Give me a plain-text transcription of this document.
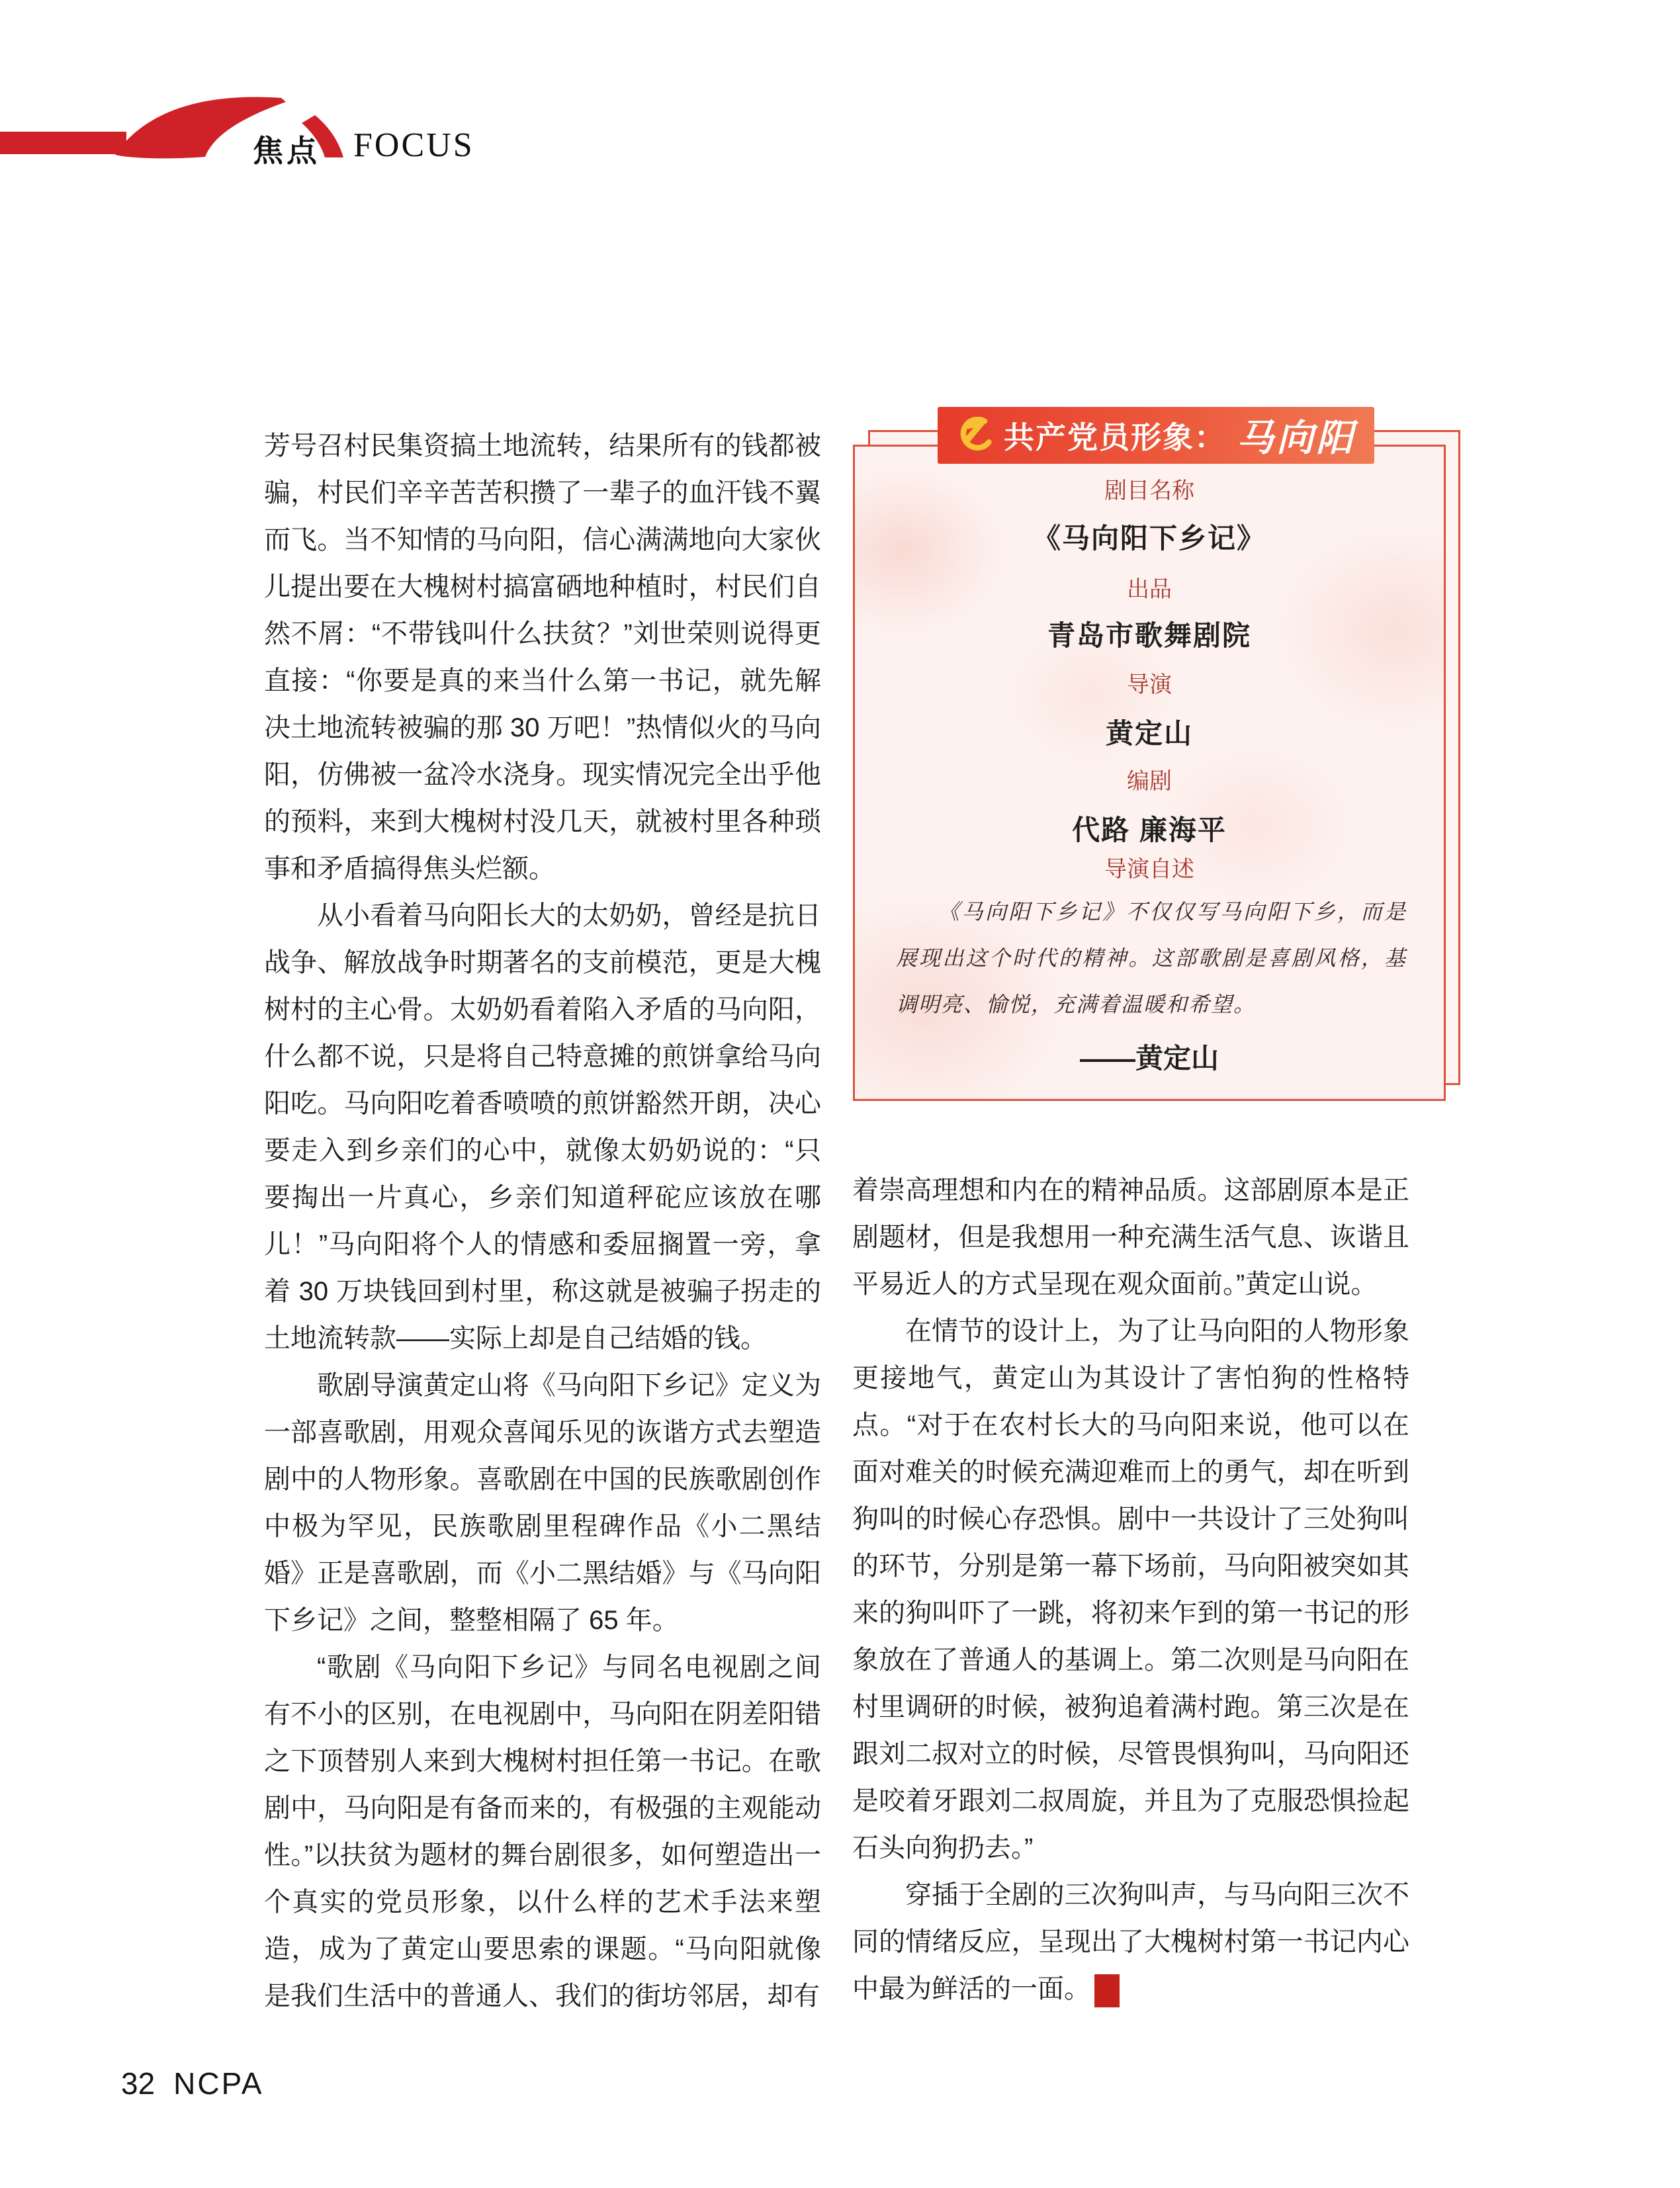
焦点 FOCUS

芳号召村民集资搞土地流转，结果所有的钱都被骗，村民们辛辛苦苦积攒了一辈子的血汗钱不翼而飞。当不知情的马向阳，信心满满地向大家伙儿提出要在大槐树村搞富硒地种植时，村民们自然不屑：“不带钱叫什么扶贫？”刘世荣则说得更直接：“你要是真的来当什么第一书记，就先解决土地流转被骗的那 30 万吧！”热情似火的马向阳，仿佛被一盆冷水浇身。现实情况完全出乎他的预料，来到大槐树村没几天，就被村里各种琐事和矛盾搞得焦头烂额。

从小看着马向阳长大的太奶奶，曾经是抗日战争、解放战争时期著名的支前模范，更是大槐树村的主心骨。太奶奶看着陷入矛盾的马向阳，什么都不说，只是将自己特意摊的煎饼拿给马向阳吃。马向阳吃着香喷喷的煎饼豁然开朗，决心要走入到乡亲们的心中，就像太奶奶说的：“只要掏出一片真心，乡亲们知道秤砣应该放在哪儿！”马向阳将个人的情感和委屈搁置一旁，拿着 30 万块钱回到村里，称这就是被骗子拐走的土地流转款——实际上却是自己结婚的钱。

歌剧导演黄定山将《马向阳下乡记》定义为一部喜歌剧，用观众喜闻乐见的诙谐方式去塑造剧中的人物形象。喜歌剧在中国的民族歌剧创作中极为罕见，民族歌剧里程碑作品《小二黑结婚》正是喜歌剧，而《小二黑结婚》与《马向阳下乡记》之间，整整相隔了 65 年。

“歌剧《马向阳下乡记》与同名电视剧之间有不小的区别，在电视剧中，马向阳在阴差阳错之下顶替别人来到大槐树村担任第一书记。在歌剧中，马向阳是有备而来的，有极强的主观能动性。”以扶贫为题材的舞台剧很多，如何塑造出一个真实的党员形象，以什么样的艺术手法来塑造，成为了黄定山要思索的课题。“马向阳就像是我们生活中的普通人、我们的街坊邻居，却有

剧目名称
《马向阳下乡记》
出品
青岛市歌舞剧院
导演
黄定山
编剧
代路 廉海平
导演自述
《马向阳下乡记》不仅仅写马向阳下乡，而是展现出这个时代的精神。这部歌剧是喜剧风格，基调明亮、愉悦，充满着温暖和希望。
——黄定山
共产党员形象： 马向阳

着崇高理想和内在的精神品质。这部剧原本是正剧题材，但是我想用一种充满生活气息、诙谐且平易近人的方式呈现在观众面前。”黄定山说。

在情节的设计上，为了让马向阳的人物形象更接地气，黄定山为其设计了害怕狗的性格特点。“对于在农村长大的马向阳来说，他可以在面对难关的时候充满迎难而上的勇气，却在听到狗叫的时候心存恐惧。剧中一共设计了三处狗叫的环节，分别是第一幕下场前，马向阳被突如其来的狗叫吓了一跳，将初来乍到的第一书记的形象放在了普通人的基调上。第二次则是马向阳在村里调研的时候，被狗追着满村跑。第三次是在跟刘二叔对立的时候，尽管畏惧狗叫，马向阳还是咬着牙跟刘二叔周旋，并且为了克服恐惧捡起石头向狗扔去。”

穿插于全剧的三次狗叫声，与马向阳三次不同的情绪反应，呈现出了大槐树村第一书记内心中最为鲜活的一面。	NC
PA

32 NCPA
